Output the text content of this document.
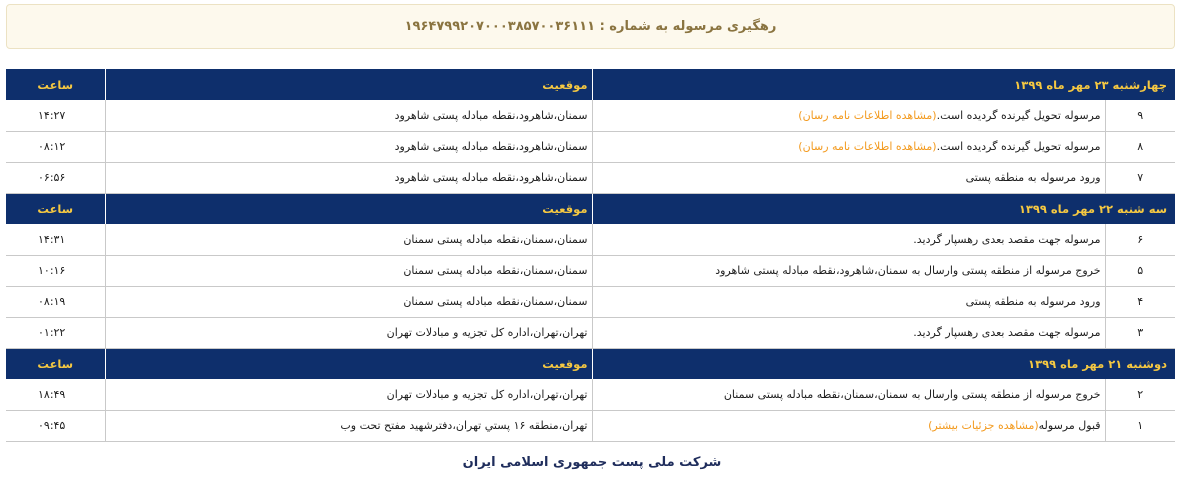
رهگیری مرسوله به شماره : ۱۹۶۴۷۹۹۲۰۷۰۰۰۳۸۵۷۰۰۳۶۱۱۱
چهارشنبه ۲۳ مهر ماه ۱۳۹۹		موقعیت	ساعت
۹	مرسوله تحویل گیرنده گردیده است.(مشاهده اطلاعات نامه رسان)	سمنان،شاهرود،نقطه مبادله پستی شاهرود	۱۴:۲۷
۸	مرسوله تحویل گیرنده گردیده است.(مشاهده اطلاعات نامه رسان)	سمنان،شاهرود،نقطه مبادله پستی شاهرود	۰۸:۱۲
۷	ورود مرسوله به منطقه پستی	سمنان،شاهرود،نقطه مبادله پستی شاهرود	۰۶:۵۶
سه شنبه ۲۲ مهر ماه ۱۳۹۹		موقعیت	ساعت
۶	مرسوله جهت مقصد بعدی رهسپار گردید.	سمنان،سمنان،نقطه مبادله پستی سمنان	۱۴:۳۱
۵	خروج مرسوله از منطقه پستی وارسال به سمنان،شاهرود،نقطه مبادله پستی شاهرود	سمنان،سمنان،نقطه مبادله پستی سمنان	۱۰:۱۶
۴	ورود مرسوله به منطقه پستی	سمنان،سمنان،نقطه مبادله پستی سمنان	۰۸:۱۹
۳	مرسوله جهت مقصد بعدی رهسپار گردید.	تهران،تهران،اداره کل تجزیه و مبادلات تهران	۰۱:۲۲
دوشنبه ۲۱ مهر ماه ۱۳۹۹		موقعیت	ساعت
۲	خروج مرسوله از منطقه پستی وارسال به سمنان،سمنان،نقطه مبادله پستی سمنان	تهران،تهران،اداره کل تجزیه و مبادلات تهران	۱۸:۴۹
۱	قبول مرسوله(مشاهده جزئیات بیشتر)	تهران،منطقه ۱۶ پستي تهران،دفترشهید مفتح تحت وب	۰۹:۴۵
شرکت ملی پست جمهوری اسلامی ایران
